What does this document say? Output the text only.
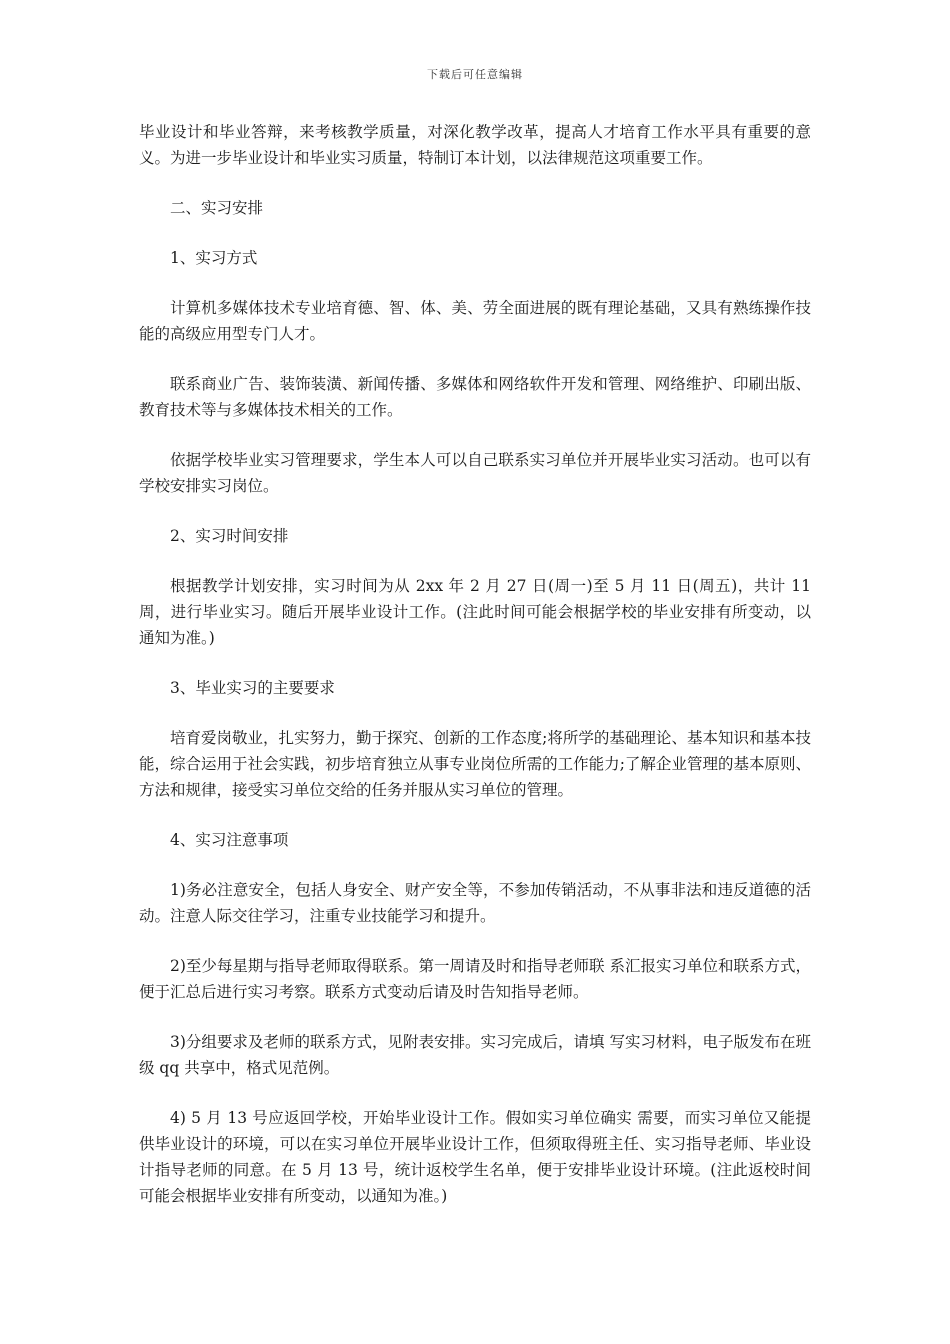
下载后可任意编辑

毕业设计和毕业答辩，来考核教学质量，对深化教学改革，提高人才培育工作水平具有重要的意义。为进一步毕业设计和毕业实习质量，特制订本计划，以法律规范这项重要工作。

二、实习安排

1、实习方式

计算机多媒体技术专业培育德、智、体、美、劳全面进展的既有理论基础，又具有熟练操作技能的高级应用型专门人才。

联系商业广告、装饰装潢、新闻传播、多媒体和网络软件开发和管理、网络维护、印刷出版、教育技术等与多媒体技术相关的工作。

依据学校毕业实习管理要求，学生本人可以自己联系实习单位并开展毕业实习活动。也可以有学校安排实习岗位。

2、实习时间安排

根据教学计划安排，实习时间为从 2xx 年 2 月 27 日(周一)至 5 月 11 日(周五)，共计 11 周，进行毕业实习。随后开展毕业设计工作。(注此时间可能会根据学校的毕业安排有所变动，以通知为准。)

3、毕业实习的主要要求

培育爱岗敬业，扎实努力，勤于探究、创新的工作态度;将所学的基础理论、基本知识和基本技能，综合运用于社会实践，初步培育独立从事专业岗位所需的工作能力;了解企业管理的基本原则、方法和规律，接受实习单位交给的任务并服从实习单位的管理。

4、实习注意事项

1)务必注意安全，包括人身安全、财产安全等，不参加传销活动，不从事非法和违反道德的活动。注意人际交往学习，注重专业技能学习和提升。

2)至少每星期与指导老师取得联系。第一周请及时和指导老师联 系汇报实习单位和联系方式，便于汇总后进行实习考察。联系方式变动后请及时告知指导老师。

3)分组要求及老师的联系方式，见附表安排。实习完成后，请填 写实习材料，电子版发布在班级 qq 共享中，格式见范例。

4) 5 月 13 号应返回学校，开始毕业设计工作。假如实习单位确实 需要，而实习单位又能提供毕业设计的环境，可以在实习单位开展毕业设计工作，但须取得班主任、实习指导老师、毕业设计指导老师的同意。在 5 月 13 号，统计返校学生名单，便于安排毕业设计环境。(注此返校时间可能会根据毕业安排有所变动，以通知为准。)
